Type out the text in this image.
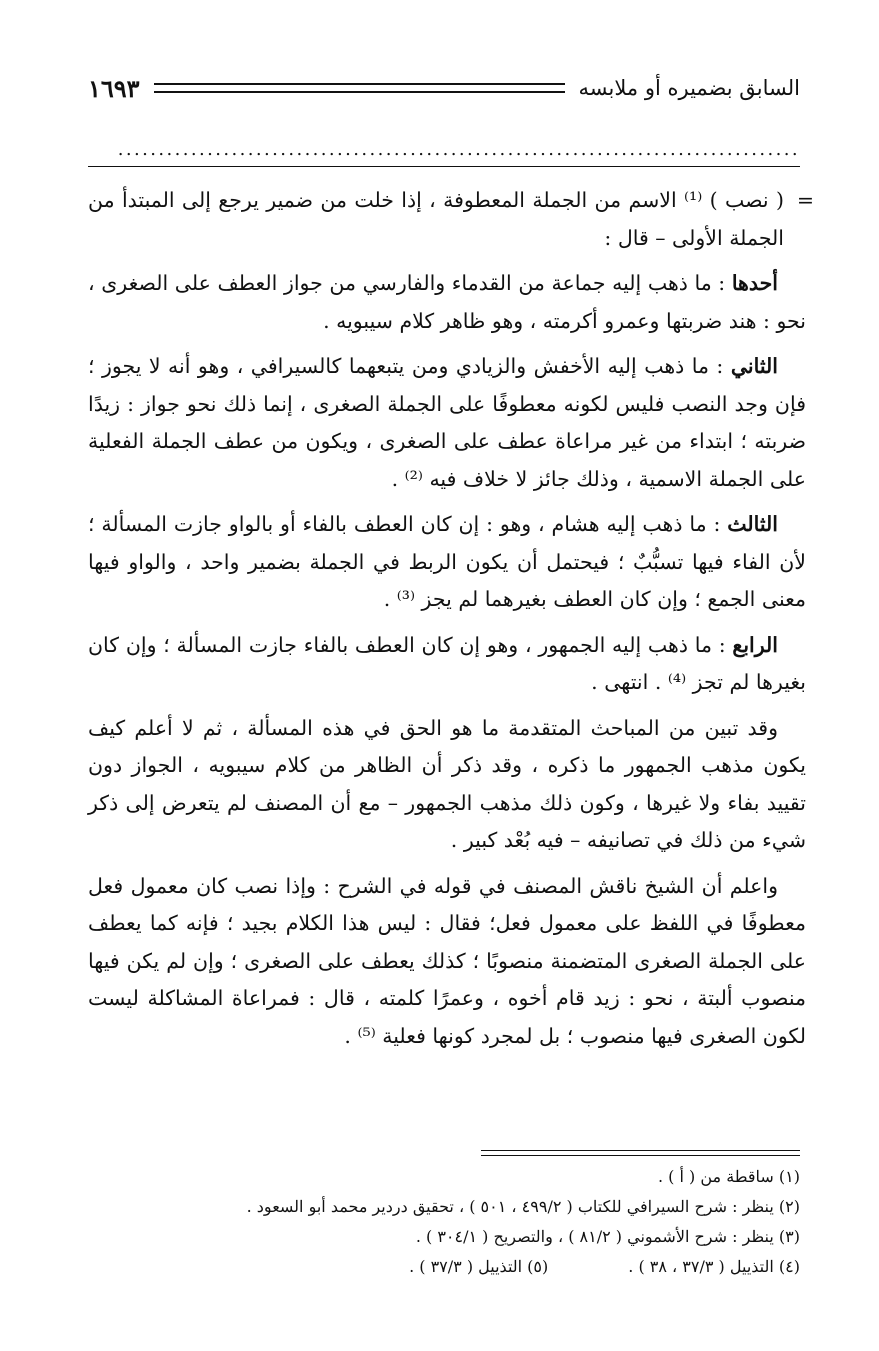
السابق بضميره أو ملابسه
١٦٩٣
....................................................................................

=
( نصب ) ⁽¹⁾ الاسم من الجملة المعطوفة ، إذا خلت من ضمير يرجع إلى المبتدأ من الجملة الأولى – قال :

أحدها : ما ذهب إليه جماعة من القدماء والفارسي من جواز العطف على الصغرى ، نحو : هند ضربتها وعمرو أكرمته ، وهو ظاهر كلام سيبويه .

الثاني : ما ذهب إليه الأخفش والزيادي ومن يتبعهما كالسيرافي ، وهو أنه لا يجوز ؛ فإن وجد النصب فليس لكونه معطوفًا على الجملة الصغرى ، إنما ذلك نحو جواز : زيدًا ضربته ؛ ابتداء من غير مراعاة عطف على الصغرى ، ويكون من عطف الجملة الفعلية على الجملة الاسمية ، وذلك جائز لا خلاف فيه ⁽²⁾ .

الثالث : ما ذهب إليه هشام ، وهو : إن كان العطف بالفاء أو بالواو جازت المسألة ؛ لأن الفاء فيها تسبُّبٌ ؛ فيحتمل أن يكون الربط في الجملة بضمير واحد ، والواو فيها معنى الجمع ؛ وإن كان العطف بغيرهما لم يجز ⁽³⁾ .

الرابع : ما ذهب إليه الجمهور ، وهو إن كان العطف بالفاء جازت المسألة ؛ وإن كان بغيرها لم تجز ⁽⁴⁾ . انتهى .

وقد تبين من المباحث المتقدمة ما هو الحق في هذه المسألة ، ثم لا أعلم كيف يكون مذهب الجمهور ما ذكره ، وقد ذكر أن الظاهر من كلام سيبويه ، الجواز دون تقييد بفاء ولا غيرها ، وكون ذلك مذهب الجمهور – مع أن المصنف لم يتعرض إلى ذكر شيء من ذلك في تصانيفه – فيه بُعْد كبير .

واعلم أن الشيخ ناقش المصنف في قوله في الشرح : وإذا نصب كان معمول فعل معطوفًا في اللفظ على معمول فعل؛ فقال : ليس هذا الكلام بجيد ؛ فإنه كما يعطف على الجملة الصغرى المتضمنة منصوبًا ؛ كذلك يعطف على الصغرى ؛ وإن لم يكن فيها منصوب ألبتة ، نحو : زيد قام أخوه ، وعمرًا كلمته ، قال : فمراعاة المشاكلة ليست لكون الصغرى فيها منصوب ؛ بل لمجرد كونها فعلية ⁽⁵⁾ .

(١) ساقطة من ( أ ) .
(٢) ينظر : شرح السيرافي للكتاب ( ٤٩٩/٢ ، ٥٠١ ) ، تحقيق دردير محمد أبو السعود .
(٣) ينظر : شرح الأشموني ( ٨١/٢ ) ، والتصريح ( ٣٠٤/١ ) .
(٤) التذييل ( ٣٧/٣ ، ٣٨ ) .
(٥) التذييل ( ٣٧/٣ ) .
